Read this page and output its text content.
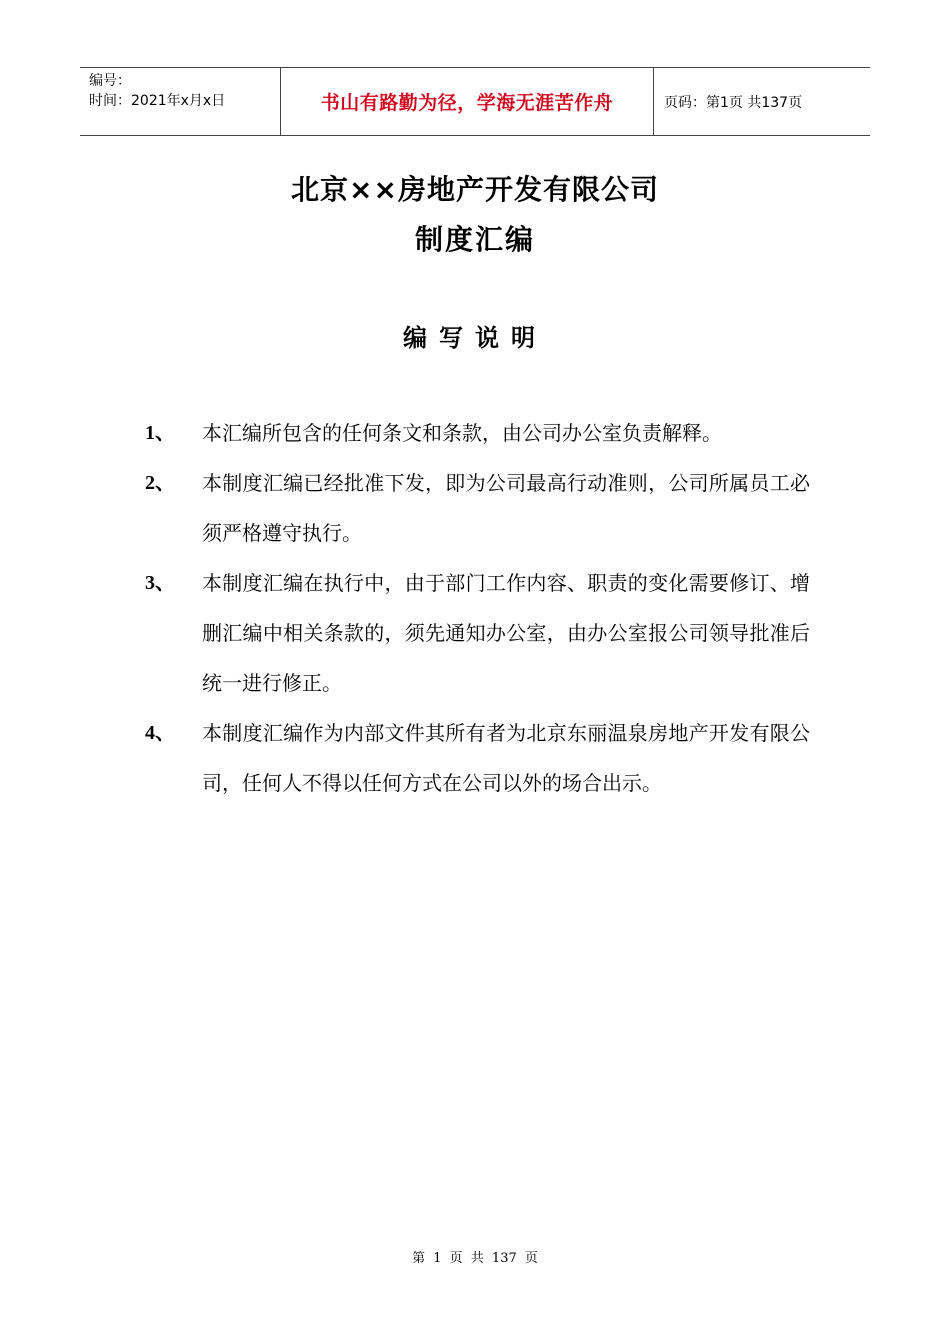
编号：
时间：2021年x月x日	书山有路勤为径，学海无涯苦作舟	页码：第1页 共137页
北京××房地产开发有限公司
制度汇编
编写说明
1、	本汇编所包含的任何条文和条款，由公司办公室负责解释。
2、	本制度汇编已经批准下发，即为公司最高行动准则，公司所属员工必须严格遵守执行。
3、	本制度汇编在执行中，由于部门工作内容、职责的变化需要修订、增删汇编中相关条款的，须先通知办公室，由办公室报公司领导批准后统一进行修正。
4、	本制度汇编作为内部文件其所有者为北京东丽温泉房地产开发有限公司，任何人不得以任何方式在公司以外的场合出示。
第 1 页 共 137 页
